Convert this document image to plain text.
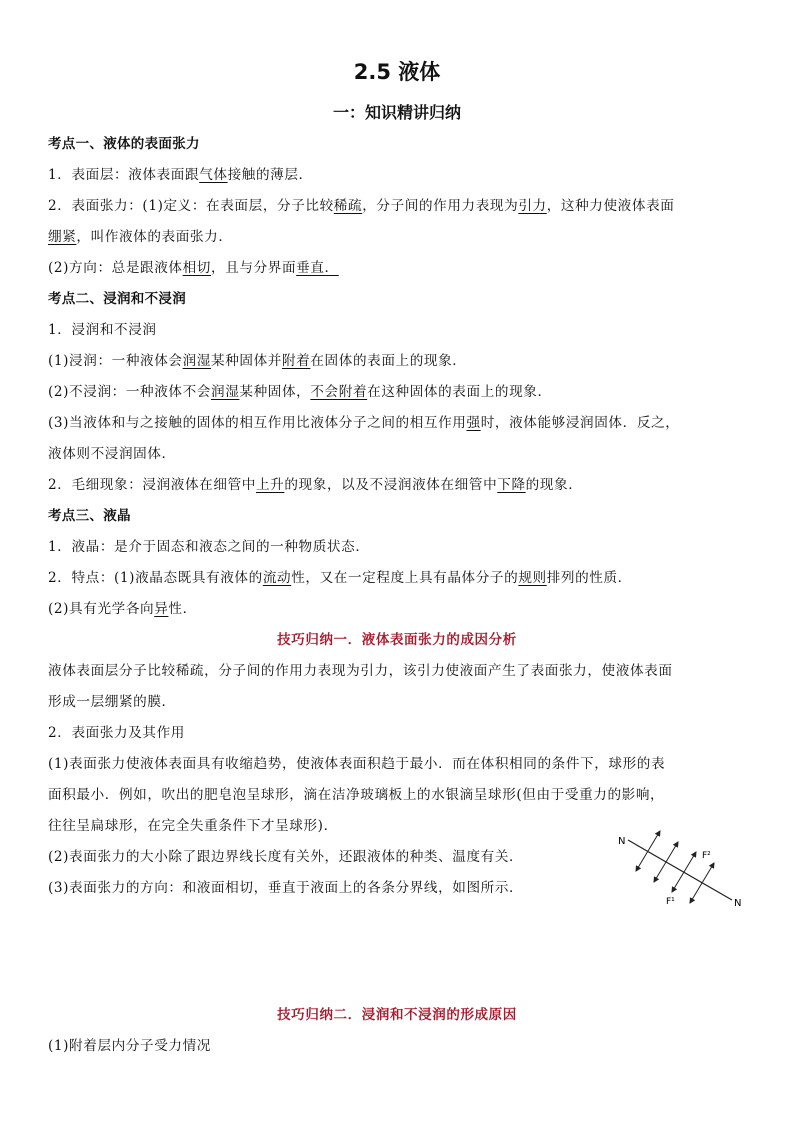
2.5 液体
一：知识精讲归纳
考点一、液体的表面张力
1．表面层：液体表面跟气体接触的薄层．
2．表面张力：(1)定义：在表面层，分子比较稀疏，分子间的作用力表现为引力，这种力使液体表面
绷紧，叫作液体的表面张力．
(2)方向：总是跟液体相切，且与分界面垂直．
考点二、浸润和不浸润
1．浸润和不浸润
(1)浸润：一种液体会润湿某种固体并附着在固体的表面上的现象．
(2)不浸润：一种液体不会润湿某种固体，不会附着在这种固体的表面上的现象．
(3)当液体和与之接触的固体的相互作用比液体分子之间的相互作用强时，液体能够浸润固体．反之，
液体则不浸润固体．
2．毛细现象：浸润液体在细管中上升的现象，以及不浸润液体在细管中下降的现象．
考点三、液晶
1．液晶：是介于固态和液态之间的一种物质状态．
2．特点：(1)液晶态既具有液体的流动性，又在一定程度上具有晶体分子的规则排列的性质．
(2)具有光学各向异性．
技巧归纳一．液体表面张力的成因分析
液体表面层分子比较稀疏，分子间的作用力表现为引力，该引力使液面产生了表面张力，使液体表面
形成一层绷紧的膜．
2．表面张力及其作用
(1)表面张力使液体表面具有收缩趋势，使液体表面积趋于最小．而在体积相同的条件下，球形的表
面积最小．例如，吹出的肥皂泡呈球形，滴在洁净玻璃板上的水银滴呈球形(但由于受重力的影响，
往往呈扁球形，在完全失重条件下才呈球形)．
(2)表面张力的大小除了跟边界线长度有关外，还跟液体的种类、温度有关．
(3)表面张力的方向：和液面相切，垂直于液面上的各条分界线，如图所示．
N
N
F¹
F²
技巧归纳二．浸润和不浸润的形成原因
(1)附着层内分子受力情况
